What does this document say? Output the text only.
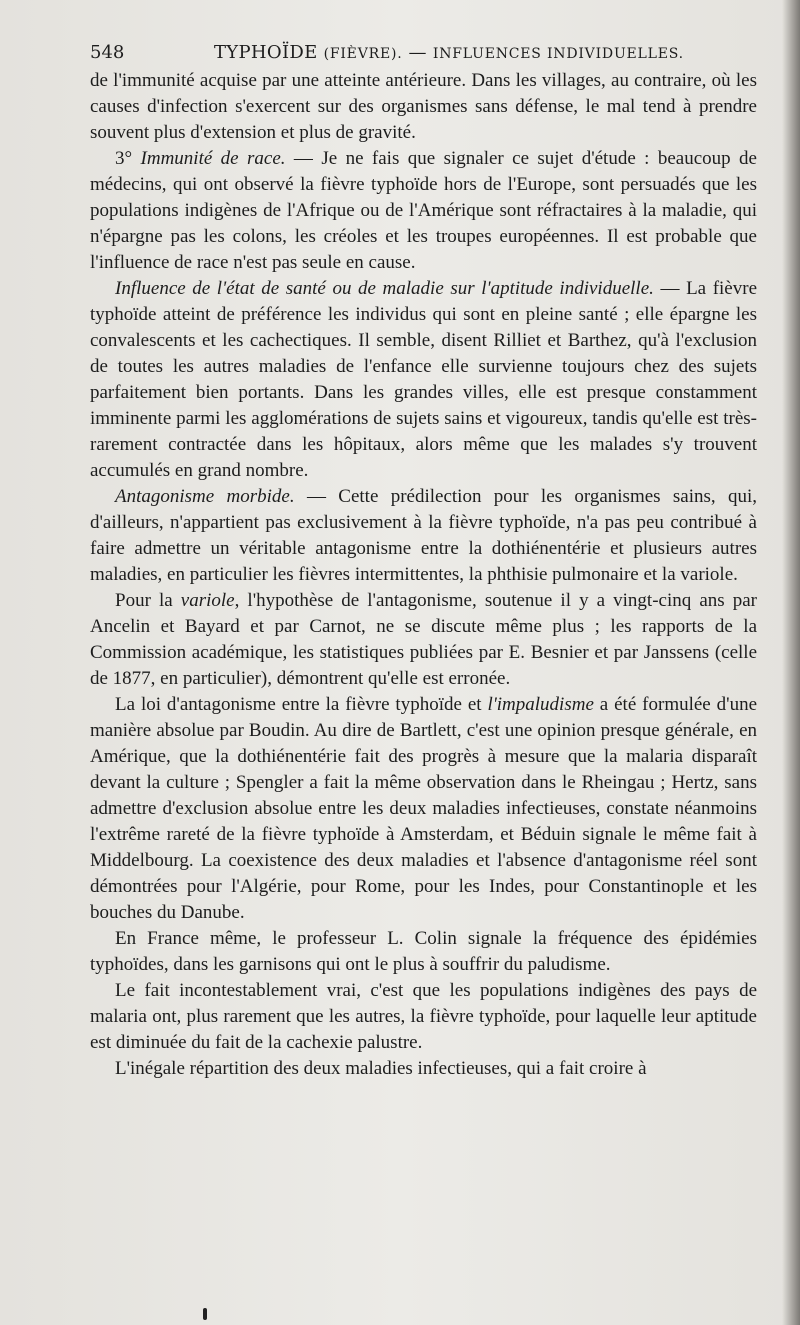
548	TYPHOÏDE (FIÈVRE). — INFLUENCES INDIVIDUELLES.

de l'immunité acquise par une atteinte antérieure. Dans les villages, au contraire, où les causes d'infection s'exercent sur des organismes sans défense, le mal tend à prendre souvent plus d'extension et plus de gravité.

3° Immunité de race. — Je ne fais que signaler ce sujet d'étude : beaucoup de médecins, qui ont observé la fièvre typhoïde hors de l'Europe, sont persuadés que les populations indigènes de l'Afrique ou de l'Amérique sont réfractaires à la maladie, qui n'épargne pas les colons, les créoles et les troupes européennes. Il est probable que l'influence de race n'est pas seule en cause.

Influence de l'état de santé ou de maladie sur l'aptitude individuelle. — La fièvre typhoïde atteint de préférence les individus qui sont en pleine santé ; elle épargne les convalescents et les cachectiques. Il semble, disent Rilliet et Barthez, qu'à l'exclusion de toutes les autres maladies de l'enfance elle survienne toujours chez des sujets parfaitement bien portants. Dans les grandes villes, elle est presque constamment imminente parmi les agglomérations de sujets sains et vigoureux, tandis qu'elle est très-rarement contractée dans les hôpitaux, alors même que les malades s'y trouvent accumulés en grand nombre.

Antagonisme morbide. — Cette prédilection pour les organismes sains, qui, d'ailleurs, n'appartient pas exclusivement à la fièvre typhoïde, n'a pas peu contribué à faire admettre un véritable antagonisme entre la dothiénentérie et plusieurs autres maladies, en particulier les fièvres intermittentes, la phthisie pulmonaire et la variole.

Pour la variole, l'hypothèse de l'antagonisme, soutenue il y a vingt-cinq ans par Ancelin et Bayard et par Carnot, ne se discute même plus ; les rapports de la Commission académique, les statistiques publiées par E. Besnier et par Janssens (celle de 1877, en particulier), démontrent qu'elle est erronée.

La loi d'antagonisme entre la fièvre typhoïde et l'impaludisme a été formulée d'une manière absolue par Boudin. Au dire de Bartlett, c'est une opinion presque générale, en Amérique, que la dothiénentérie fait des progrès à mesure que la malaria disparaît devant la culture ; Spengler a fait la même observation dans le Rheingau ; Hertz, sans admettre d'exclusion absolue entre les deux maladies infectieuses, constate néanmoins l'extrême rareté de la fièvre typhoïde à Amsterdam, et Béduin signale le même fait à Middelbourg. La coexistence des deux maladies et l'absence d'antagonisme réel sont démontrées pour l'Algérie, pour Rome, pour les Indes, pour Constantinople et les bouches du Danube.

En France même, le professeur L. Colin signale la fréquence des épidémies typhoïdes, dans les garnisons qui ont le plus à souffrir du paludisme.

Le fait incontestablement vrai, c'est que les populations indigènes des pays de malaria ont, plus rarement que les autres, la fièvre typhoïde, pour laquelle leur aptitude est diminuée du fait de la cachexie palustre.

L'inégale répartition des deux maladies infectieuses, qui a fait croire à
